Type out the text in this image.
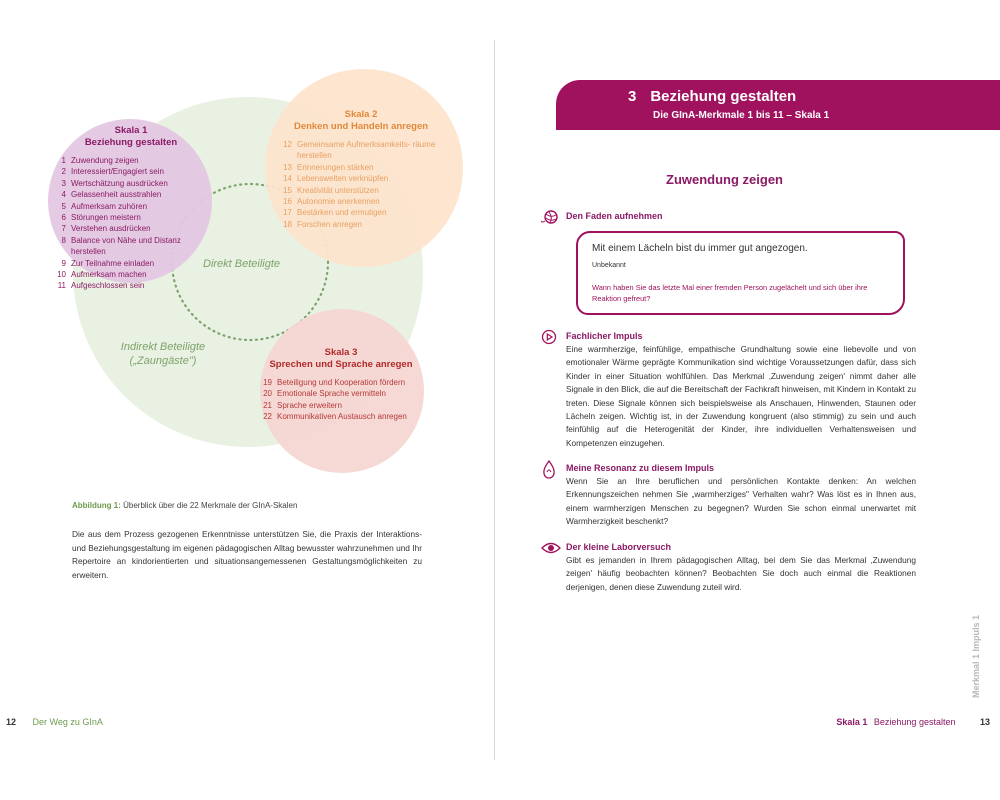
Skala 1
Beziehung gestalten
1 Zuwendung zeigen
2 Interessiert/Engagiert sein
3 Wertschätzung ausdrücken
4 Gelassenheit ausstrahlen
5 Aufmerksam zuhören
6 Störungen meistern
7 Verstehen ausdrücken
8 Balance von Nähe und Distanz herstellen
9 Zur Teilnahme einladen
10 Aufmerksam machen
11 Aufgeschlossen sein
Skala 2
Denken und Handeln anregen
12 Gemeinsame Aufmerksamkeits- räume herstellen
13 Erinnerungen stärken
14 Lebenswelten verknüpfen
15 Kreativität unterstützen
16 Autonomie anerkennen
17 Bestärken und ermutigen
18 Forschen anregen
Skala 3
Sprechen und Sprache anregen
19 Beteiligung und Kooperation fördern
20 Emotionale Sprache vermitteln
21 Sprache erweitern
22 Kommunikativen Austausch anregen
Direkt Beteiligte
Indirekt Beteiligte
(„Zaungäste")
Abbildung 1: Überblick über die 22 Merkmale der GInA-Skalen
Die aus dem Prozess gezogenen Erkenntnisse unterstützen Sie, die Praxis der Interaktions- und Beziehungsgestaltung im eigenen pädagogischen Alltag bewusster wahrzunehmen und Ihr Repertoire an kindorientierten und situationsangemessenen Gestaltungsmöglichkeiten zu erweitern.
12 Der Weg zu GInA
3 Beziehung gestalten
Die GInA-Merkmale 1 bis 11 – Skala 1
Zuwendung zeigen
Den Faden aufnehmen
Mit einem Lächeln bist du immer gut angezogen.
Unbekannt
Wann haben Sie das letzte Mal einer fremden Person zugelächelt und sich über ihre Reaktion gefreut?
Fachlicher Impuls
Eine warmherzige, feinfühlige, empathische Grundhaltung sowie eine liebevolle und von emotionaler Wärme geprägte Kommunikation sind wichtige Voraussetzungen dafür, dass sich Kinder in einer Situation wohlfühlen. Das Merkmal ‚Zuwendung zeigen' nimmt daher alle Signale in den Blick, die auf die Bereitschaft der Fachkraft hinweisen, mit Kindern in Kontakt zu treten. Diese Signale können sich beispielsweise als Anschauen, Hinwenden, Staunen oder Lächeln zeigen. Wichtig ist, in der Zuwendung kongruent (also stimmig) zu sein und auch feinfühlig auf die Heterogenität der Kinder, ihre individuellen Verhaltensweisen und Kompetenzen einzugehen.
Meine Resonanz zu diesem Impuls
Wenn Sie an Ihre beruflichen und persönlichen Kontakte denken: An welchen Erkennungszeichen nehmen Sie „warmherziges" Verhalten wahr? Was löst es in Ihnen aus, einem warmherzigen Menschen zu begegnen? Wurden Sie schon einmal unerwartet mit Warmherzigkeit beschenkt?
Der kleine Laborversuch
Gibt es jemanden in Ihrem pädagogischen Alltag, bei dem Sie das Merkmal ‚Zuwendung zeigen' häufig beobachten können? Beobachten Sie doch auch einmal die Reaktionen derjenigen, denen diese Zuwendung zuteil wird.
Merkmal 1 Impuls 1
Skala 1 Beziehung gestalten	13
